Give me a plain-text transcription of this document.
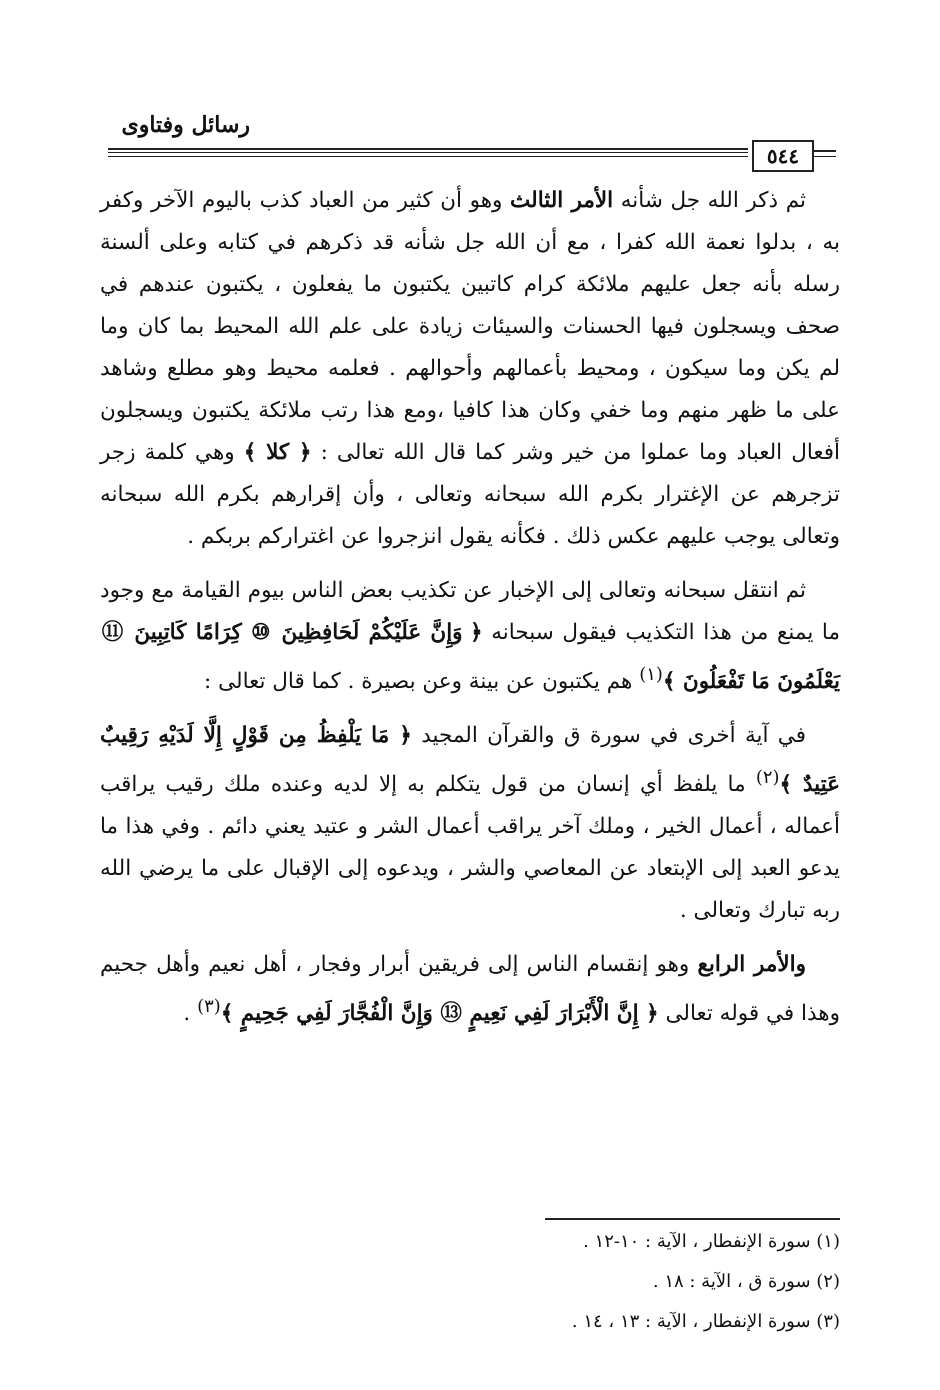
رسائل وفتاوى
٥٤٤

ثم ذكر الله جل شأنه الأمر الثالث وهو أن كثير من العباد كذب باليوم الآخر وكفر به ، بدلوا نعمة الله كفرا ، مع أن الله جل شأنه قد ذكرهم في كتابه وعلى ألسنة رسله بأنه جعل عليهم ملائكة كرام كاتبين يكتبون ما يفعلون ، يكتبون عندهم في صحف ويسجلون فيها الحسنات والسيئات زيادة على علم الله المحيط بما كان وما لم يكن وما سيكون ، ومحيط بأعمالهم وأحوالهم . فعلمه محيط وهو مطلع وشاهد على ما ظهر منهم وما خفي وكان هذا كافيا ،ومع هذا رتب ملائكة يكتبون ويسجلون أفعال العباد وما عملوا من خير وشر كما قال الله تعالى : ﴿ كلا ﴾ وهي كلمة زجر تزجرهم عن الإغترار بكرم الله سبحانه وتعالى ، وأن إقرارهم بكرم الله سبحانه وتعالى يوجب عليهم عكس ذلك . فكأنه يقول انزجروا عن اغتراركم بربكم .

ثم انتقل سبحانه وتعالى إلى الإخبار عن تكذيب بعض الناس بيوم القيامة مع وجود ما يمنع من هذا التكذيب فيقول سبحانه ﴿ وَإِنَّ عَلَيْكُمْ لَحَافِظِينَ ⑩ كِرَامًا كَاتِبِينَ ⑪ يَعْلَمُونَ مَا تَفْعَلُونَ ﴾$^{(١)}$ هم يكتبون عن بينة وعن بصيرة . كما قال تعالى :

في آية أخرى في سورة ق والقرآن المجيد ﴿ مَا يَلْفِظُ مِن قَوْلٍ إِلَّا لَدَيْهِ رَقِيبٌ عَتِيدٌ ﴾$^{(٢)}$ ما يلفظ أي إنسان من قول يتكلم به إلا لديه وعنده ملك رقيب يراقب أعماله ، أعمال الخير ، وملك آخر يراقب أعمال الشر و عتيد يعني دائم . وفي هذا ما يدعو العبد إلى الإبتعاد عن المعاصي والشر ، ويدعوه إلى الإقبال على ما يرضي الله ربه تبارك وتعالى .

والأمر الرابع وهو إنقسام الناس إلى فريقين أبرار وفجار ، أهل نعيم وأهل جحيم وهذا في قوله تعالى ﴿ إِنَّ الْأَبْرَارَ لَفِي نَعِيمٍ ⑬ وَإِنَّ الْفُجَّارَ لَفِي جَحِيمٍ ﴾$^{(٣)}$ .

(١) سورة الإنفطار ، الآية : ١٠-١٢ .
(٢) سورة ق ، الآية : ١٨ .
(٣) سورة الإنفطار ، الآية : ١٣ ، ١٤ .
